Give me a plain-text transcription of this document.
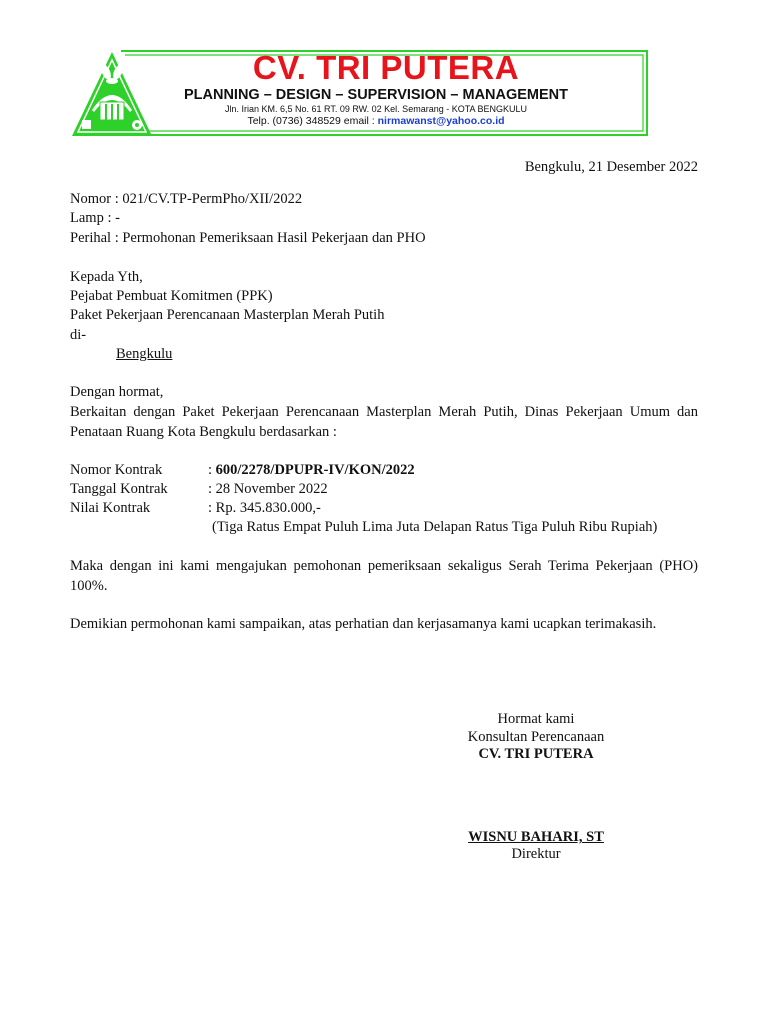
CV. TRI PUTERA
PLANNING – DESIGN – SUPERVISION – MANAGEMENT
Jln. Irian KM. 6,5 No. 61 RT. 09 RW. 02 Kel. Semarang - KOTA BENGKULU
Telp. (0736) 348529 email : nirmawanst@yahoo.co.id
Bengkulu, 21 Desember 2022
Nomor : 021/CV.TP-PermPho/XII/2022
Lamp : -
Perihal : Permohonan Pemeriksaan Hasil Pekerjaan dan PHO
Kepada Yth,
Pejabat Pembuat Komitmen (PPK)
Paket Pekerjaan Perencanaan Masterplan Merah Putih
di-
Bengkulu
Dengan hormat,
Berkaitan dengan Paket Pekerjaan Perencanaan Masterplan Merah Putih, Dinas Pekerjaan Umum dan Penataan Ruang Kota Bengkulu berdasarkan :
Nomor Kontrak	: 600/2278/DPUPR-IV/KON/2022
Tanggal Kontrak	: 28 November 2022
Nilai Kontrak	: Rp. 345.830.000,-
(Tiga Ratus Empat Puluh Lima Juta Delapan Ratus Tiga Puluh Ribu Rupiah)
Maka dengan ini kami mengajukan pemohonan pemeriksaan sekaligus Serah Terima Pekerjaan (PHO) 100%.
Demikian permohonan kami sampaikan, atas perhatian dan kerjasamanya kami ucapkan terimakasih.
Hormat kami
Konsultan Perencanaan
CV. TRI PUTERA
WISNU BAHARI, ST
Direktur
